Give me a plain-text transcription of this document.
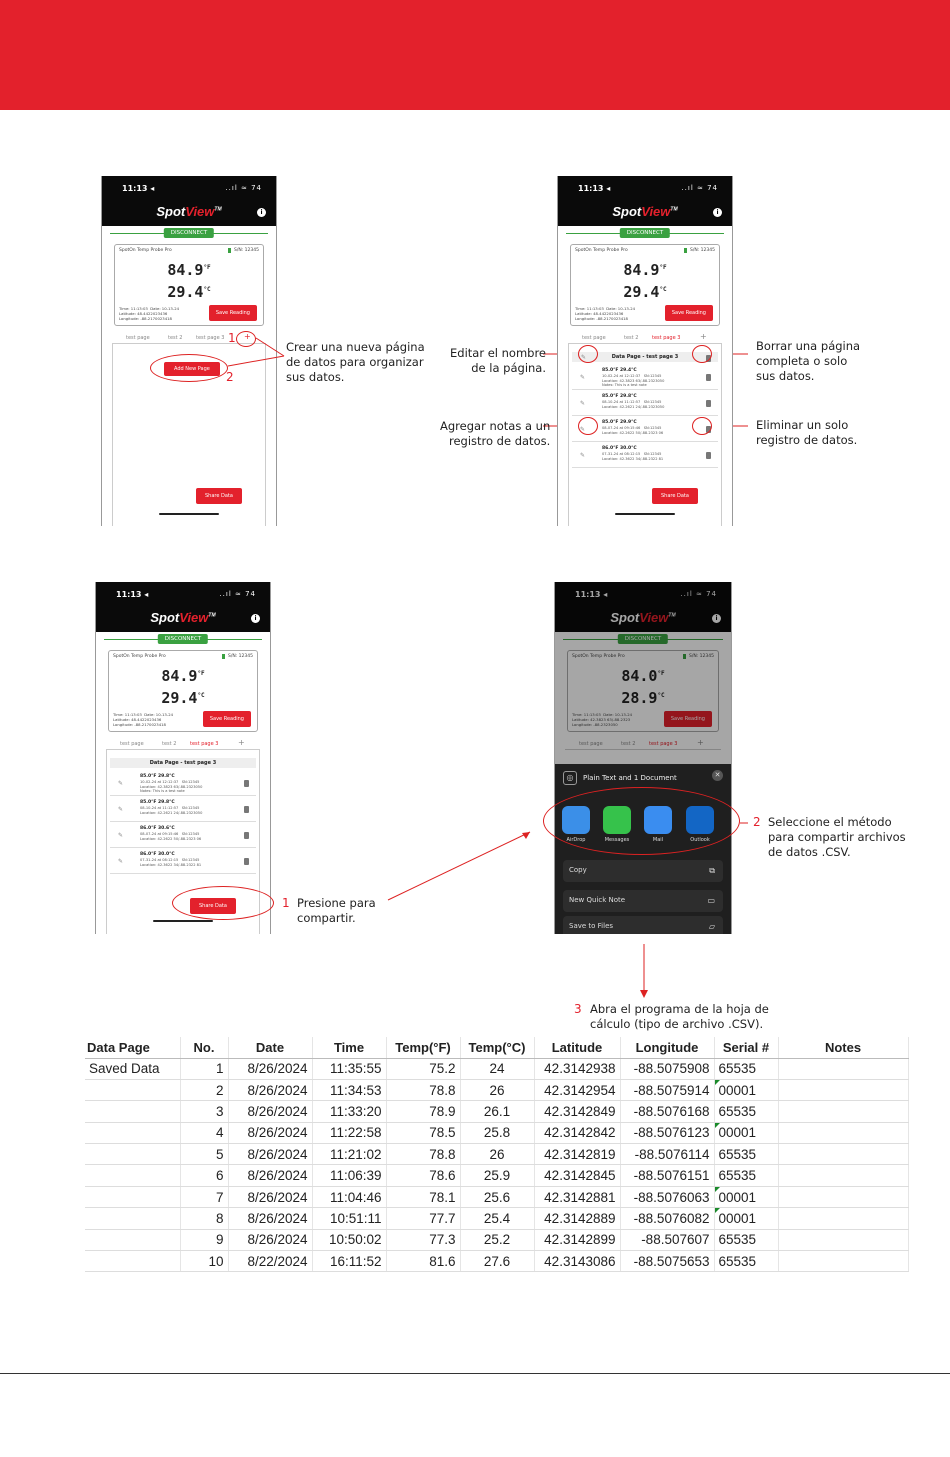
11:13 ◂	..ıl ≈ 74
SpotView™	i
DISCONNECT
SpotOn Temp Probe Pro	S/N: 12345
$84.9^{^\circ F}$
$29.4^{^\circ C}$
Time: 11:13:03  Date: 10-13-24
Latitude: 48.4422023436
Longitude: -88.2170023418
Save Reading
test page	test 2	test page 3 +
Add New Page
Share Data
1
2
Crear una nueva página
de datos para organizar
sus datos.
11:13 ◂	..ıl ≈ 74
SpotView™	i
DISCONNECT
SpotOn Temp Probe Pro	S/N: 12345
$84.9^{^\circ F}$
$29.4^{^\circ C}$
Time: 11:13:03  Date: 10-13-24
Latitude: 48.4422023436
Longitude: -88.2170023418
Save Reading
test page	test 2	test page 3 +
Data Page - test page 3
✎
✎
85.0°F 29.4°C
10-02-24 at 12:12:37   SN:12345
Location: 42.3823 63/-88.2323050
Notes: This is a test note
✎
85.0°F 29.8°C
08-10-24 at 11:12:57   SN:12345
Location: 42.2621 24/-88.2323050
✎
85.0°F 29.9°C
08-07-24 at 09:15:46   SN:12345
Location: 42.2622 50/-88.2323 06
✎
86.0°F 30.0°C
07-31-24 at 08:12:15   SN:12345
Location: 42.3622 34/-88.2322 81
Share Data
Editar el nombre
de la página.
Borrar una página
completa o solo
sus datos.
Agregar notas a un
registro de datos.
Eliminar un solo
registro de datos.
11:13 ◂	..ıl ≈ 74
SpotView™	i
DISCONNECT
SpotOn Temp Probe Pro	S/N: 12345
$84.9^{^\circ F}$
$29.4^{^\circ C}$
Time: 11:13:03  Date: 10-13-24
Latitude: 48.4422023436
Longitude: -88.2170023418
Save Reading
test page	test 2	test page 3 +
Data Page - test page 3
✎
85.0°F 29.8°C
10-02-24 at 12:12:37   SN:12345
Location: 42.3823 63/-88.2323050
Notes: This is a test note
✎
85.0°F 29.8°C
08-10-24 at 11:12:57   SN:12345
Location: 42.2621 24/-88.2323050
✎
86.0°F 30.6°C
08-07-24 at 09:15:46   SN:12345
Location: 42.2622 50/-88.2323 06
✎
86.0°F 30.0°C
07-31-24 at 08:12:15   SN:12345
Location: 42.3622 34/-88.2322 81
Share Data	1 Presione para
compartir.
11:13 ◂	..ıl ≈ 74
SpotView™	i
DISCONNECT
SpotOn Temp Probe Pro	S/N: 12345
$84.0^{^\circ F}$
$28.9^{^\circ C}$
Time: 11:13:03  Date: 10-13-24
Latitude: 42.3823 63/-88.2323
Longitude: -88.2323050
Save Reading
test page	test 2	test page 3 +
◎	Plain Text and 1 Document	✕
AirDrop	Messages	Mail	Outlook
Copy	⧉
New Quick Note	▭
Save to Files	▱
2 Seleccione el método
para compartir archivos
de datos .CSV.
3 Abra el programa de la hoja de
cálculo (tipo de archivo .CSV).
Data Page	No.	Date	Time	Temp(°F)	Temp(°C)	Latitude	Longitude	Serial #	Notes
Saved Data	1	8/26/2024	11:35:55	75.2	24	42.3142938	-88.5075908	65535	
	2	8/26/2024	11:34:53	78.8	26	42.3142954	-88.5075914	00001	
	3	8/26/2024	11:33:20	78.9	26.1	42.3142849	-88.5076168	65535	
	4	8/26/2024	11:22:58	78.5	25.8	42.3142842	-88.5076123	00001	
	5	8/26/2024	11:21:02	78.8	26	42.3142819	-88.5076114	65535	
	6	8/26/2024	11:06:39	78.6	25.9	42.3142845	-88.5076151	65535	
	7	8/26/2024	11:04:46	78.1	25.6	42.3142881	-88.5076063	00001	
	8	8/26/2024	10:51:11	77.7	25.4	42.3142889	-88.5076082	00001	
	9	8/26/2024	10:50:02	77.3	25.2	42.3142899	-88.507607	65535	
	10	8/22/2024	16:11:52	81.6	27.6	42.3143086	-88.5075653	65535	
